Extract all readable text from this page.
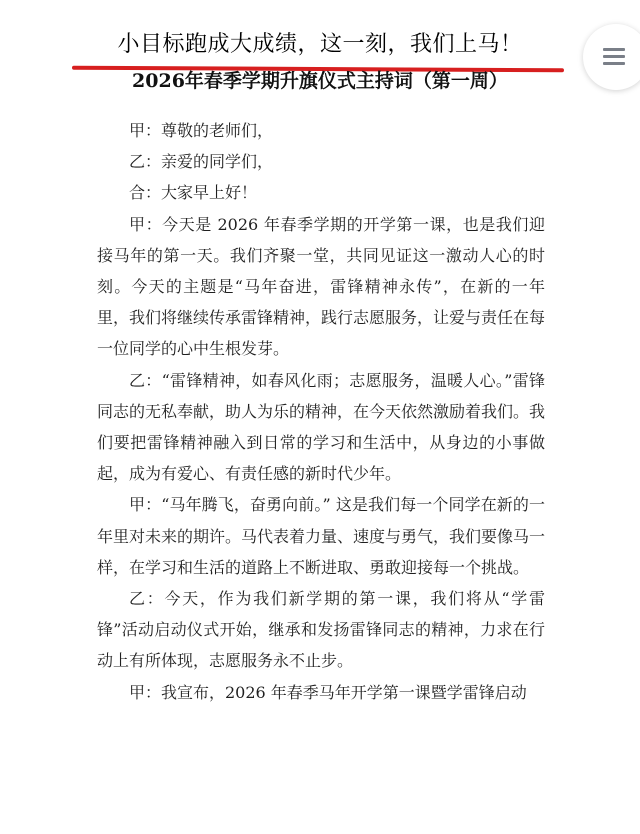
小目标跑成大成绩，这一刻，我们上马！
2026年春季学期升旗仪式主持词（第一周）

甲：尊敬的老师们，

乙：亲爱的同学们，

合：大家早上好！

甲：今天是 2026 年春季学期的开学第一课，也是我们迎接马年的第一天。我们齐聚一堂，共同见证这一激动人心的时刻。今天的主题是“马年奋进，雷锋精神永传”，在新的一年里，我们将继续传承雷锋精神，践行志愿服务，让爱与责任在每一位同学的心中生根发芽。

乙：“雷锋精神，如春风化雨；志愿服务，温暖人心。”雷锋同志的无私奉献，助人为乐的精神，在今天依然激励着我们。我们要把雷锋精神融入到日常的学习和生活中，从身边的小事做起，成为有爱心、有责任感的新时代少年。

甲：“马年腾飞，奋勇向前。” 这是我们每一个同学在新的一年里对未来的期许。马代表着力量、速度与勇气，我们要像马一样，在学习和生活的道路上不断进取、勇敢迎接每一个挑战。

乙：今天，作为我们新学期的第一课，我们将从“学雷锋”活动启动仪式开始，继承和发扬雷锋同志的精神，力求在行动上有所体现，志愿服务永不止步。

甲：我宣布，2026 年春季马年开学第一课暨学雷锋启动
